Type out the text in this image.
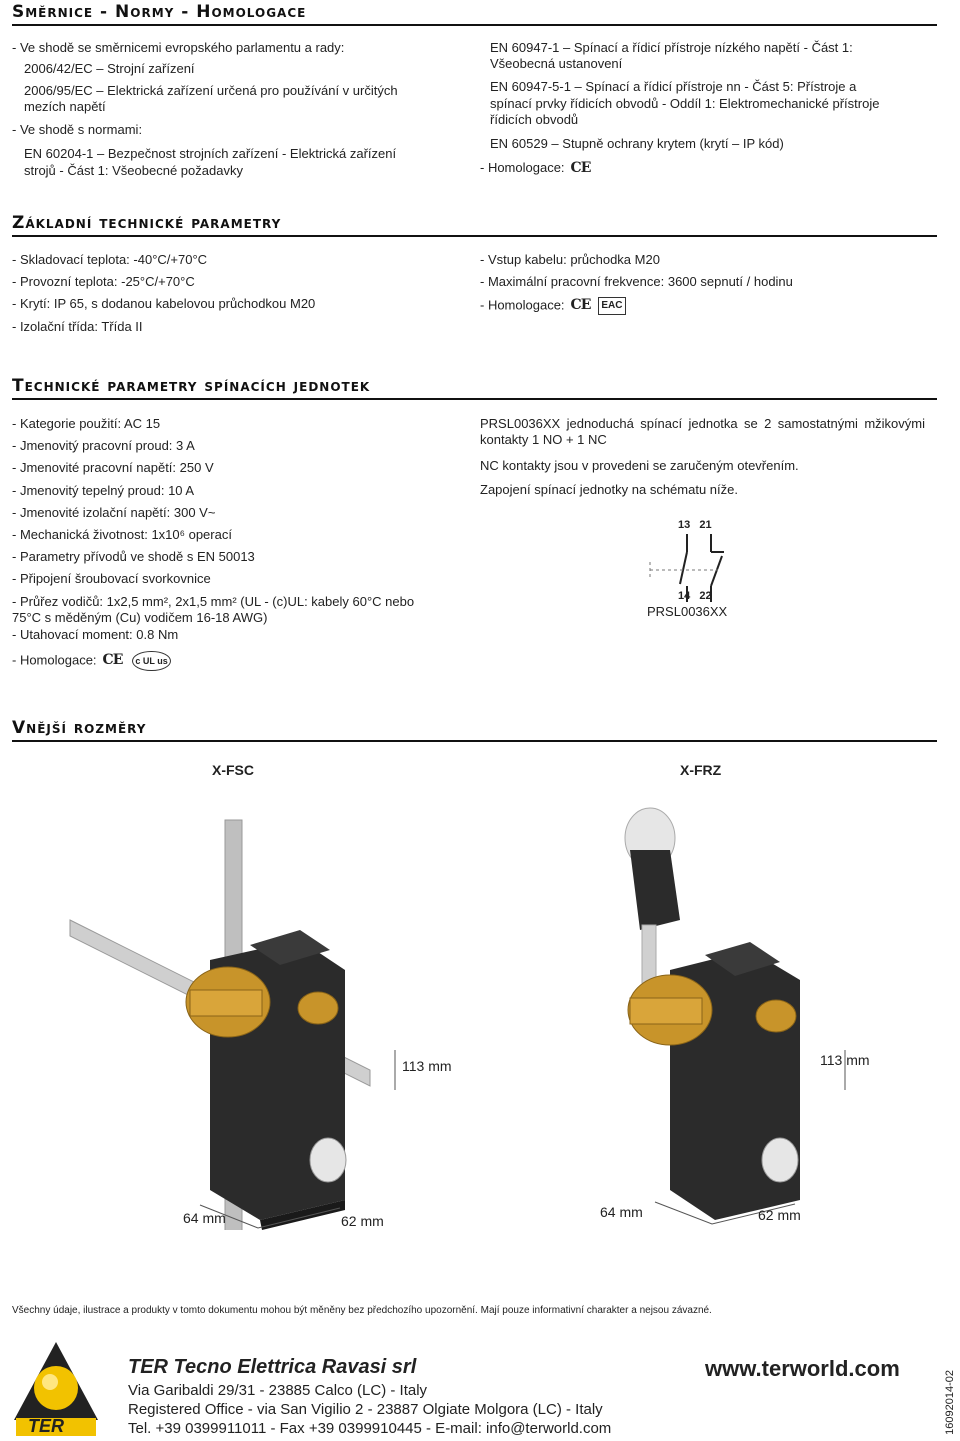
Směrnice - Normy - Homologace
- Ve shodě se směrnicemi evropského parlamentu a rady:
2006/42/EC – Strojní zařízení
2006/95/EC – Elektrická zařízení určená pro používání v určitých
mezích napětí
- Ve shodě s normami:
EN 60204-1 – Bezpečnost strojních zařízení - Elektrická zařízení
strojů - Část 1: Všeobecné požadavky
EN 60947-1 – Spínací a řídicí přístroje nízkého napětí - Část 1:
Všeobecná ustanovení
EN 60947-5-1 – Spínací a řídicí přístroje nn - Část 5: Přístroje a
spínací prvky řídicích obvodů - Oddíl 1: Elektromechanické přístroje
řídicích obvodů
EN 60529 – Stupně ochrany krytem (krytí – IP kód)
- Homologace: CE
Základní technické parametry
- Skladovací teplota: -40°C/+70°C
- Provozní teplota: -25°C/+70°C
- Krytí: IP 65, s dodanou kabelovou průchodkou M20
- Izolační třída: Třída II
- Vstup kabelu: průchodka M20
- Maximální pracovní frekvence: 3600 sepnutí / hodinu
- Homologace: CE EAC
Technické parametry spínacích jednotek
- Kategorie použití: AC 15
- Jmenovitý pracovní proud: 3 A
- Jmenovité pracovní napětí: 250 V
- Jmenovitý tepelný proud: 10 A
- Jmenovité izolační napětí: 300 V~
- Mechanická životnost: 1x10⁶ operací
- Parametry přívodů ve shodě s EN 50013
- Připojení šroubovací svorkovnice
- Průřez vodičů: 1x2,5 mm², 2x1,5 mm² (UL - (c)UL: kabely 60°C nebo
75°C s měděným (Cu) vodičem 16-18 AWG)
- Utahovací moment: 0.8 Nm
- Homologace: CE c UL us
PRSL0036XX jednoduchá spínací jednotka se 2 samostatnými mžikovými kontakty 1 NO + 1 NC
NC kontakty jsou v provedeni se zaručeným otevřením.
Zapojení spínací jednotky na schématu níže.
13   21
14   22
PRSL0036XX
Vnější rozměry
X-FSC	X-FRZ
113 mm
64 mm	62 mm
113 mm
64 mm	62 mm
Všechny údaje, ilustrace a produkty v tomto dokumentu mohou být měněny bez předchozího upozornění. Mají pouze informativní charakter a nejsou závazné.
TER
TER Tecno Elettrica Ravasi srl
Via Garibaldi 29/31 - 23885 Calco (LC) - Italy
Registered Office - via San Vigilio 2 - 23887 Olgiate Molgora (LC) - Italy
Tel. +39 0399911011 - Fax +39 0399910445 - E-mail: info@terworld.com
www.terworld.com
16092014-02
